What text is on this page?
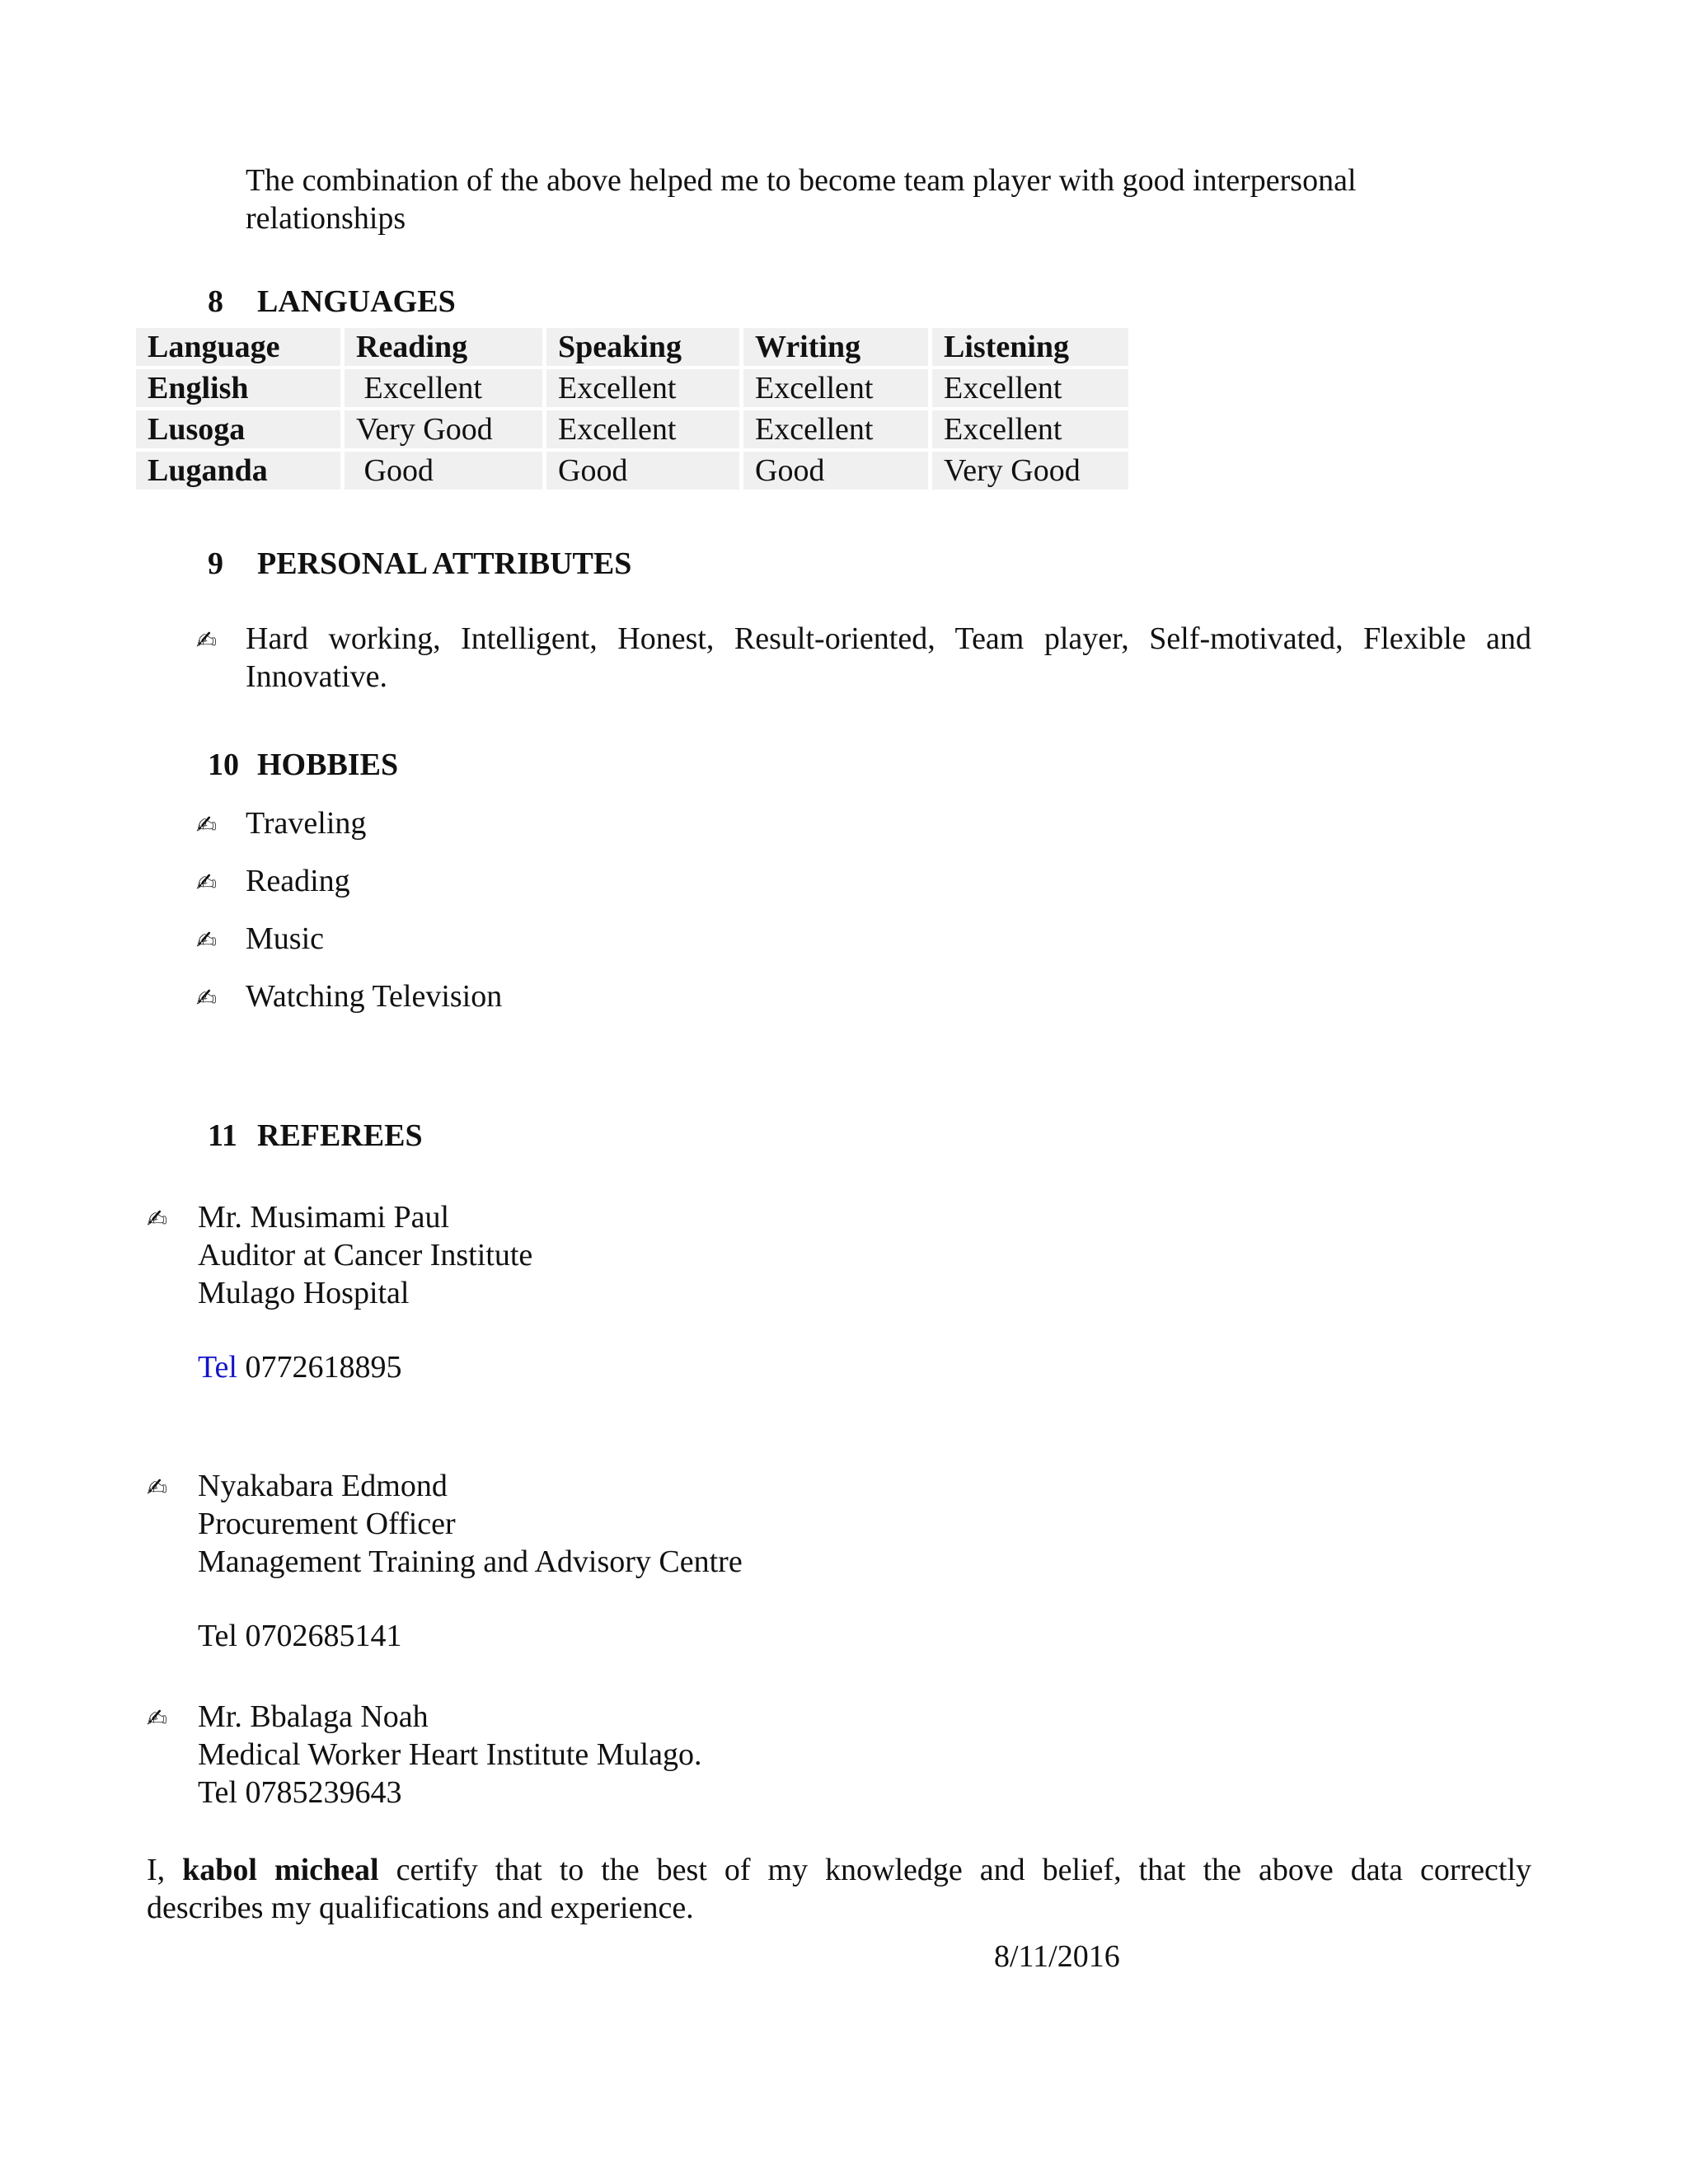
The combination of the above helped me to become team player with good interpersonal
relationships
8 LANGUAGES
Language	Reading	Speaking	Writing	Listening
English	Excellent	Excellent	Excellent	Excellent
Lusoga	Very Good	Excellent	Excellent	Excellent
Luganda	Good	Good	Good	Very Good
9 PERSONAL ATTRIBUTES
✍ Hard working, Intelligent, Honest, Result-oriented, Team player, Self-motivated, Flexible and
Innovative.
10 HOBBIES
✍ Traveling
✍ Reading
✍ Music
✍ Watching Television
11 REFEREES
✍ Mr. Musimami Paul
Auditor at Cancer Institute
Mulago Hospital
Tel 0772618895
✍ Nyakabara Edmond
Procurement Officer
Management Training and Advisory Centre
Tel 0702685141
✍ Mr. Bbalaga Noah
Medical Worker Heart Institute Mulago.
Tel 0785239643
I, kabol micheal certify that to the best of my knowledge and belief, that the above data correctly
describes my qualifications and experience.
8/11/2016
